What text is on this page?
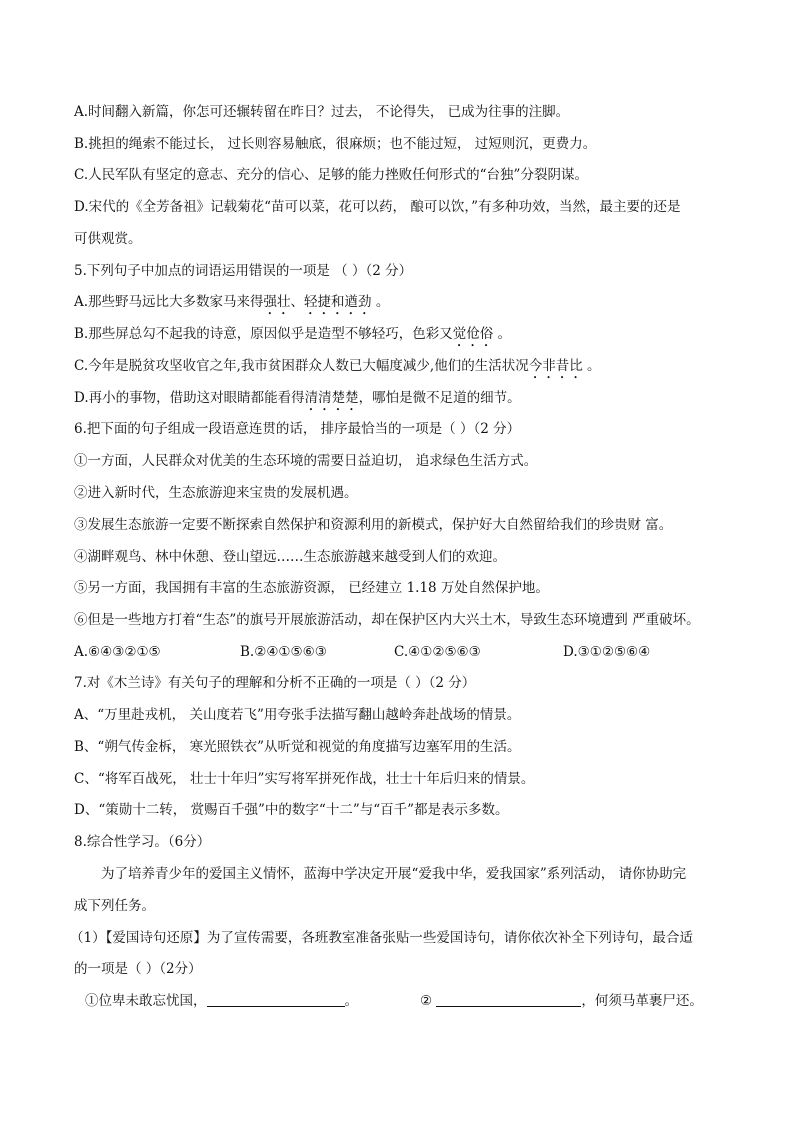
A.时间翻入新篇，你怎可还辗转留在昨日？过去， 不论得失， 已成为往事的注脚。
B.挑担的绳索不能过长， 过长则容易触底，很麻烦；也不能过短， 过短则沉，更费力。
C.人民军队有坚定的意志、充分的信心、足够的能力挫败任何形式的“台独”分裂阴谋。
D.宋代的《全芳备祖》记载菊花“苗可以菜，花可以药， 酿可以饮，”有多种功效，当然，最主要的还是
可供观赏。
5.下列句子中加点的词语运用错误的一项是 （ ）（2 分）
A.那些野马远比大多数家马来得强壮、轻捷和遒劲 。
B.那些屏总勾不起我的诗意，原因似乎是造型不够轻巧，色彩又觉伧俗 。
C.今年是脱贫攻坚收官之年,我市贫困群众人数已大幅度减少,他们的生活状况今非昔比 。
D.再小的事物，借助这对眼睛都能看得清清楚楚，哪怕是微不足道的细节。
6.把下面的句子组成一段语意连贯的话， 排序最恰当的一项是（ ）（2 分）
①一方面，人民群众对优美的生态环境的需要日益迫切， 追求绿色生活方式。
②进入新时代，生态旅游迎来宝贵的发展机遇。
③发展生态旅游一定要不断探索自然保护和资源利用的新模式，保护好大自然留给我们的珍贵财 富。
④湖畔观鸟、林中休憩、登山望远……生态旅游越来越受到人们的欢迎。
⑤另一方面，我国拥有丰富的生态旅游资源， 已经建立 1.18 万处自然保护地。
⑥但是一些地方打着“生态”的旗号开展旅游活动，却在保护区内大兴土木，导致生态环境遭到 严重破坏。
A.⑥④③②①⑤	B.②④①⑤⑥③	C.④①②⑤⑥③	D.③①②⑤⑥④
7.对《木兰诗》有关句子的理解和分析不正确的一项是（ ）（2 分）
A、“万里赴戎机， 关山度若飞”用夸张手法描写翻山越岭奔赴战场的情景。
B、“朔气传金柝， 寒光照铁衣”从听觉和视觉的角度描写边塞军用的生活。
C、“将军百战死， 壮士十年归”实写将军拼死作战，壮士十年后归来的情景。
D、“策勋十二转， 赏赐百千强”中的数字“十二”与“百千”都是表示多数。
8.综合性学习。（6分）
为了培养青少年的爱国主义情怀，蓝海中学决定开展“爱我中华，爱我国家”系列活动， 请你协助完
成下列任务。
（1）【爱国诗句还原】为了宣传需要，各班教室准备张贴一些爱国诗句，请你依次补全下列诗句，最合适
的一项是（ ）（2分）
①位卑未敢忘忧国，	。	②	，何须马革裹尸还。
